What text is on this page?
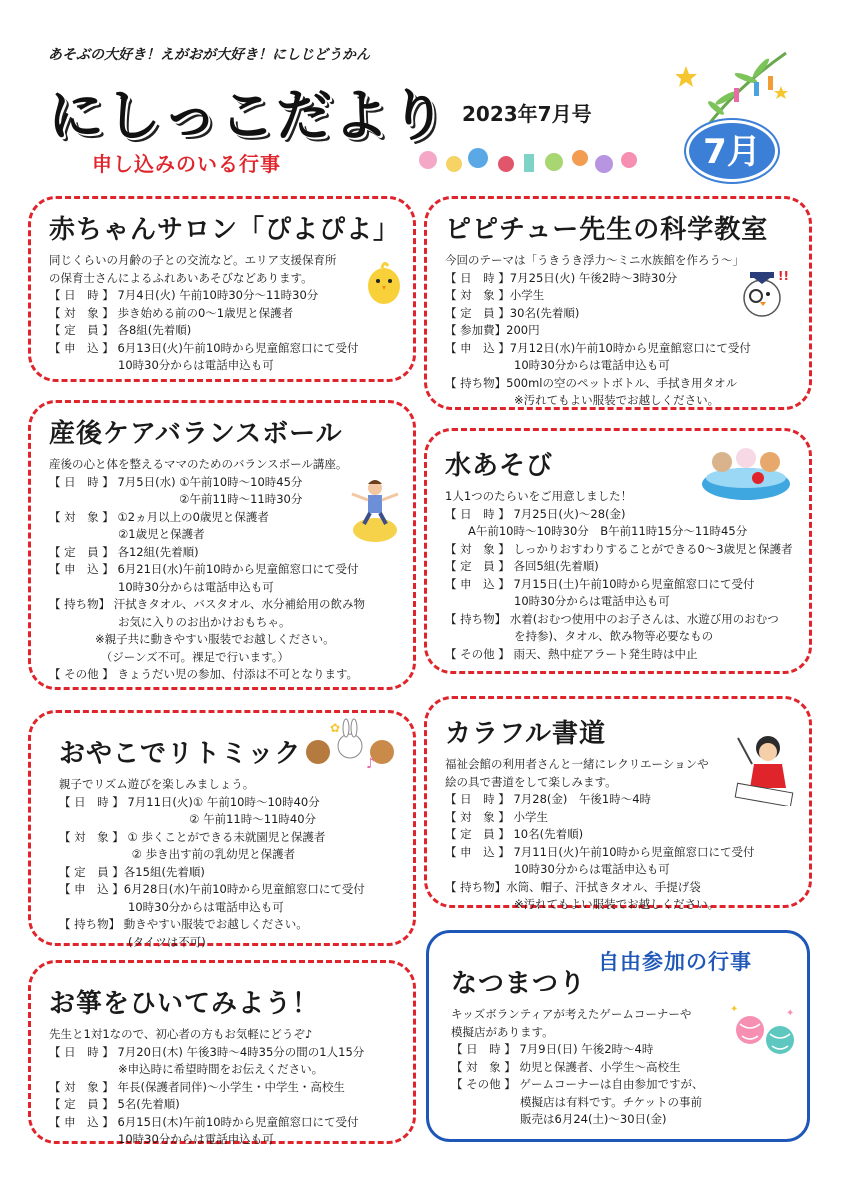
あそぶの大好き！えがおが大好き！にしじどうかん
にしっこだより 2023年7月号
申し込みのいる行事	7月
赤ちゃんサロン「ぴよぴよ」
同じくらいの月齢の子との交流など。エリア支援保育所
の保育士さんによるふれあいあそびなどあります。
【 日　時 】 7月4日(火) 午前10時30分～11時30分
【 対　象 】 歩き始める前の0～1歳児と保護者
【 定　員 】 各8組(先着順)
【 申　込 】 6月13日(火)午前10時から児童館窓口にて受付
　　　　　　10時30分からは電話申込も可
ピピチュー先生の科学教室
今回のテーマは「うきうき浮力～ミニ水族館を作ろう～」
【 日　時 】7月25日(火) 午後2時～3時30分
【 対　象 】小学生
【 定　員 】30名(先着順)
【 参加費】200円
【 申　込 】7月12日(水)午前10時から児童館窓口にて受付
　　　　　　10時30分からは電話申込も可
【 持ち物】500mlの空のペットボトル、手拭き用タオル
　　　　　　※汚れてもよい服装でお越しください。
!!
産後ケアバランスボール
産後の心と体を整えるママのためのバランスボール講座。
【 日　時 】 7月5日(水) ①午前10時～10時45分
　　　　　　　　　　　 ②午前11時～11時30分
【 対　象 】 ①2ヵ月以上の0歳児と保護者
　　　　　　②1歳児と保護者
【 定　員 】 各12組(先着順)
【 申　込 】 6月21日(水)午前10時から児童館窓口にて受付
　　　　　　10時30分からは電話申込も可
【 持ち物】 汗拭きタオル、バスタオル、水分補給用の飲み物
　　　　　　お気に入りのお出かけおもちゃ。
　　　　※親子共に動きやすい服装でお越しください。
　　　　　（ジーンズ不可。裸足で行います。）
【 その他 】 きょうだい児の参加、付添は不可となります。
水あそび
1人1つのたらいをご用意しました！
【 日　時 】 7月25日(火)～28(金)
　　A午前10時～10時30分　B午前11時15分～11時45分
【 対　象 】 しっかりおすわりすることができる0～3歳児と保護者
【 定　員 】 各回5組(先着順)
【 申　込 】 7月15日(土)午前10時から児童館窓口にて受付
　　　　　　10時30分からは電話申込も可
【 持ち物】 水着(おむつ使用中のお子さんは、水遊び用のおむつ
　　　　　　を持参)、タオル、飲み物等必要なもの
【 その他 】 雨天、熱中症アラート発生時は中止
おやこでリトミック
親子でリズム遊びを楽しみましょう。
【 日　時 】 7月11日(火)① 午前10時～10時40分
　　　　　　　　　　　 ② 午前11時～11時40分
【 対　象 】 ① 歩くことができる未就園児と保護者
　　　　　　 ② 歩き出す前の乳幼児と保護者
【 定　員 】各15組(先着順)
【 申　込 】6月28日(水)午前10時から児童館窓口にて受付
　　　　　　10時30分からは電話申込も可
【 持ち物】 動きやすい服装でお越しください。
　　　　　　(タイツは不可)
♪
✿	カラフル書道
福祉会館の利用者さんと一緒にレクリエーションや
絵の具で書道をして楽しみます。
【 日　時 】 7月28(金)　午後1時～4時
【 対　象 】 小学生
【 定　員 】 10名(先着順)
【 申　込 】 7月11日(火)午前10時から児童館窓口にて受付
　　　　　　10時30分からは電話申込も可
【 持ち物】水筒、帽子、汗拭きタオル、手提げ袋
　　　　　　※汚れてもよい服装でお越しください。
お箏をひいてみよう！
先生と1対1なので、初心者の方もお気軽にどうぞ♪
【 日　時 】 7月20日(木) 午後3時～4時35分の間の1人15分
　　　　　　※申込時に希望時間をお伝えください。
【 対　象 】 年長(保護者同伴)～小学生・中学生・高校生
【 定　員 】 5名(先着順)
【 申　込 】 6月15日(木)午前10時から児童館窓口にて受付
　　　　　　10時30分からは電話申込も可
なつまつり
キッズボランティアが考えたゲームコーナーや
模擬店があります。
【 日　時 】 7月9日(日) 午後2時～4時
【 対　象 】 幼児と保護者、小学生～高校生
【 その他 】 ゲームコーナーは自由参加ですが、
　　　　　　模擬店は有料です。チケットの事前
　　　　　　販売は6月24(土)～30日(金)
自由参加の行事
✦	✦
